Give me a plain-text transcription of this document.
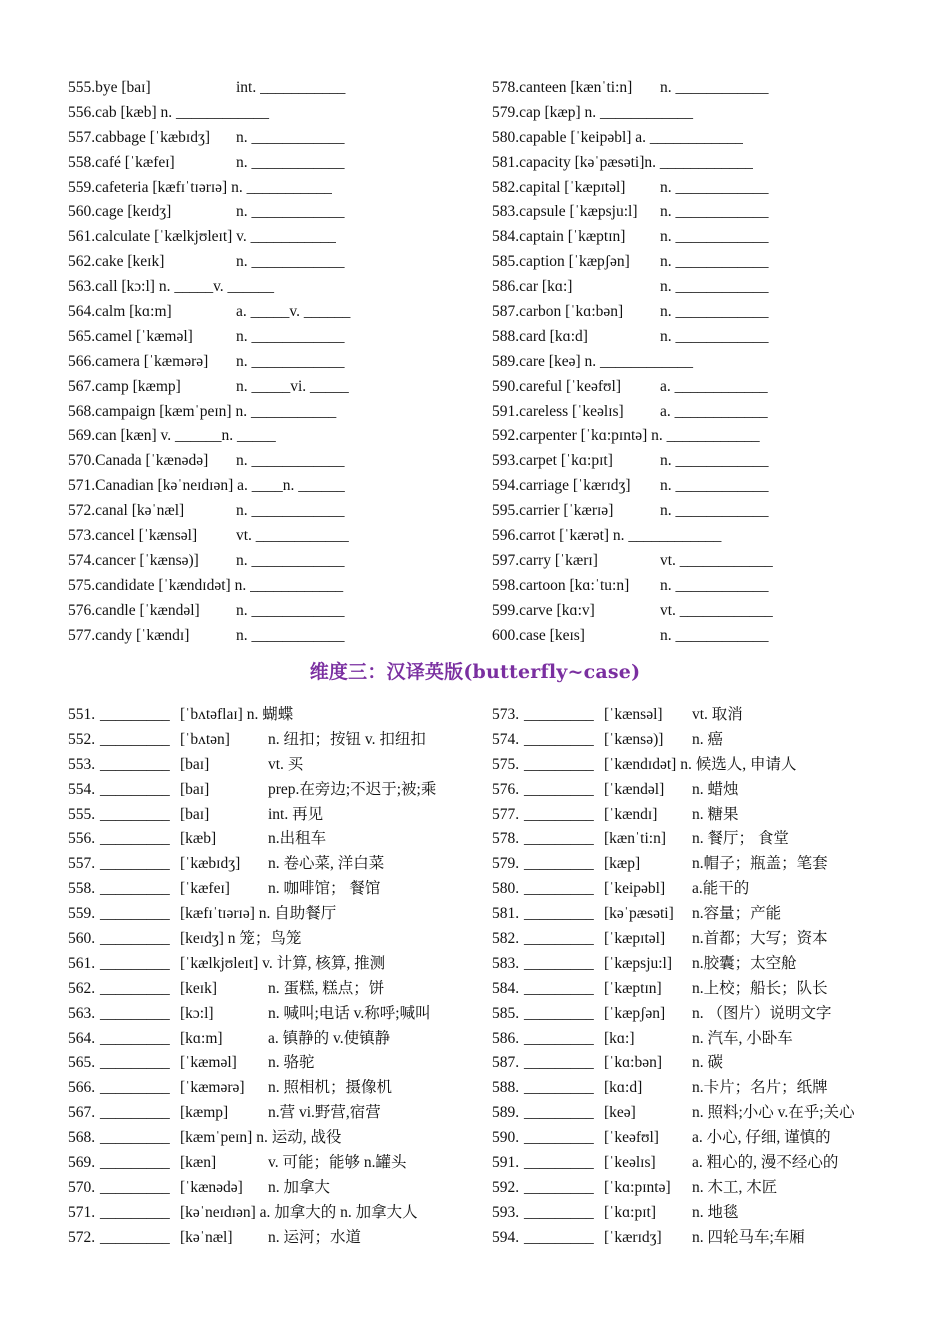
555.bye [baɪ]	int. ___________
556.cab [kæb] n. ____________
557.cabbage [ˈkæbɪdʒ] n. ____________
558.café [ˈkæfeɪ]	n. ____________
559.cafeteria [kæfɪˈtɪərɪə] n. ___________
560.cage [keɪdʒ]	n. ____________
561.calculate [ˈkælkjʊleɪt] v. ___________
562.cake [keɪk]	n. ____________
563.call [kɔ:l] n. _____v. ______
564.calm [kɑ:m]	a. _____v. ______
565.camel [ˈkæməl]	n. ____________
566.camera [ˈkæmərə] n. ____________
567.camp [kæmp]	n. _____vi. _____
568.campaign [kæmˈpeɪn] n. ___________
569.can [kæn] v. ______n. _____
570.Canada [ˈkænədə] n. ____________
571.Canadian [kəˈneɪdɪən] a. ____n. ______
572.canal [kəˈnæl]	n. ____________
573.cancel [ˈkænsəl]	vt. ____________
574.cancer [ˈkænsə)] n. ____________
575.candidate [ˈkændɪdət] n. ____________
576.candle [ˈkændəl] n. ____________
577.candy [ˈkændɪ]	n. ____________
578.canteen [kænˈti:n] n. ____________
579.cap [kæp] n. ____________
580.capable [ˈkeipəbl] a. ____________
581.capacity [kəˈpæsəti]n. ____________
582.capital [ˈkæpɪtəl] n. ____________
583.capsule [ˈkæpsju:l] n. ____________
584.captain [ˈkæptɪn] n. ____________
585.caption [ˈkæpʃən] n. ____________
586.car [kɑ:]	n. ____________
587.carbon [ˈkɑ:bən] n. ____________
588.card [kɑ:d]	n. ____________
589.care [keə] n. ____________
590.careful [ˈkeəfʊl]	a. ____________
591.careless [ˈkeəlɪs] a. ____________
592.carpenter [ˈkɑ:pɪntə] n. ____________
593.carpet [ˈkɑ:pɪt]	n. ____________
594.carriage [ˈkærɪdʒ] n. ____________
595.carrier [ˈkærɪə]	n. ____________
596.carrot [ˈkærət] n. ____________
597.carry [ˈkærɪ]	vt. ____________
598.cartoon [kɑ:ˈtu:n] n. ____________
599.carve [kɑ:v]	vt. ____________
600.case [keɪs]	n. ____________
维度三：汉译英版(butterfly~case)
551. _________ [ˈbʌtəflaɪ] n. 蝴蝶
552. _________ [ˈbʌtən] n. 纽扣；按钮 v. 扣纽扣
553. _________ [baɪ]	vt. 买
554. _________ [baɪ]	prep.在旁边;不迟于;被;乘
555. _________ [baɪ]	int. 再见
556. _________ [kæb]	n.出租车
557. _________ [ˈkæbɪdʒ] n. 卷心菜, 洋白菜
558. _________ [ˈkæfeɪ] n. 咖啡馆； 餐馆
559. _________ [kæfɪˈtɪərɪə] n. 自助餐厅
560. _________ [keɪdʒ] n 笼；鸟笼
561. _________ [ˈkælkjʊleɪt] v. 计算, 核算, 推测
562. _________ [keɪk]	n. 蛋糕, 糕点；饼
563. _________ [kɔ:l]	n. 喊叫;电话 v.称呼;喊叫
564. _________ [kɑ:m]	a. 镇静的 v.使镇静
565. _________ [ˈkæməl] n. 骆驼
566. _________ [ˈkæmərə] n. 照相机；摄像机
567. _________ [kæmp]	n.营 vi.野营,宿营
568. _________ [kæmˈpeɪn] n. 运动, 战役
569. _________ [kæn]	v. 可能；能够 n.罐头
570. _________ [ˈkænədə] n. 加拿大
571. _________ [kəˈneɪdɪən] a. 加拿大的 n. 加拿大人
572. _________ [kəˈnæl] n. 运河；水道
573. _________ [ˈkænsəl] vt. 取消
574. _________ [ˈkænsə)] n. 癌
575. _________ [ˈkændɪdət] n. 候选人, 申请人
576. _________ [ˈkændəl] n. 蜡烛
577. _________ [ˈkændɪ] n. 糖果
578. _________ [kænˈti:n] n. 餐厅； 食堂
579. _________ [kæp]	n.帽子；瓶盖；笔套
580. _________ [ˈkeipəbl] a.能干的
581. _________ [kəˈpæsəti] n.容量；产能
582. _________ [ˈkæpɪtəl] n.首都；大写；资本
583. _________ [ˈkæpsju:l] n.胶囊；太空舱
584. _________ [ˈkæptɪn] n.上校；船长；队长
585. _________ [ˈkæpʃən] n. （图片）说明文字
586. _________ [kɑ:]	n. 汽车, 小卧车
587. _________ [ˈkɑ:bən] n. 碳
588. _________ [kɑ:d]	n.卡片；名片；纸牌
589. _________ [keə]	n. 照料;小心 v.在乎;关心
590. _________ [ˈkeəfʊl] a. 小心, 仔细, 谨慎的
591. _________ [ˈkeəlɪs] a. 粗心的, 漫不经心的
592. _________ [ˈkɑ:pɪntə] n. 木工, 木匠
593. _________ [ˈkɑ:pɪt] n. 地毯
594. _________ [ˈkærɪdʒ] n. 四轮马车;车厢
